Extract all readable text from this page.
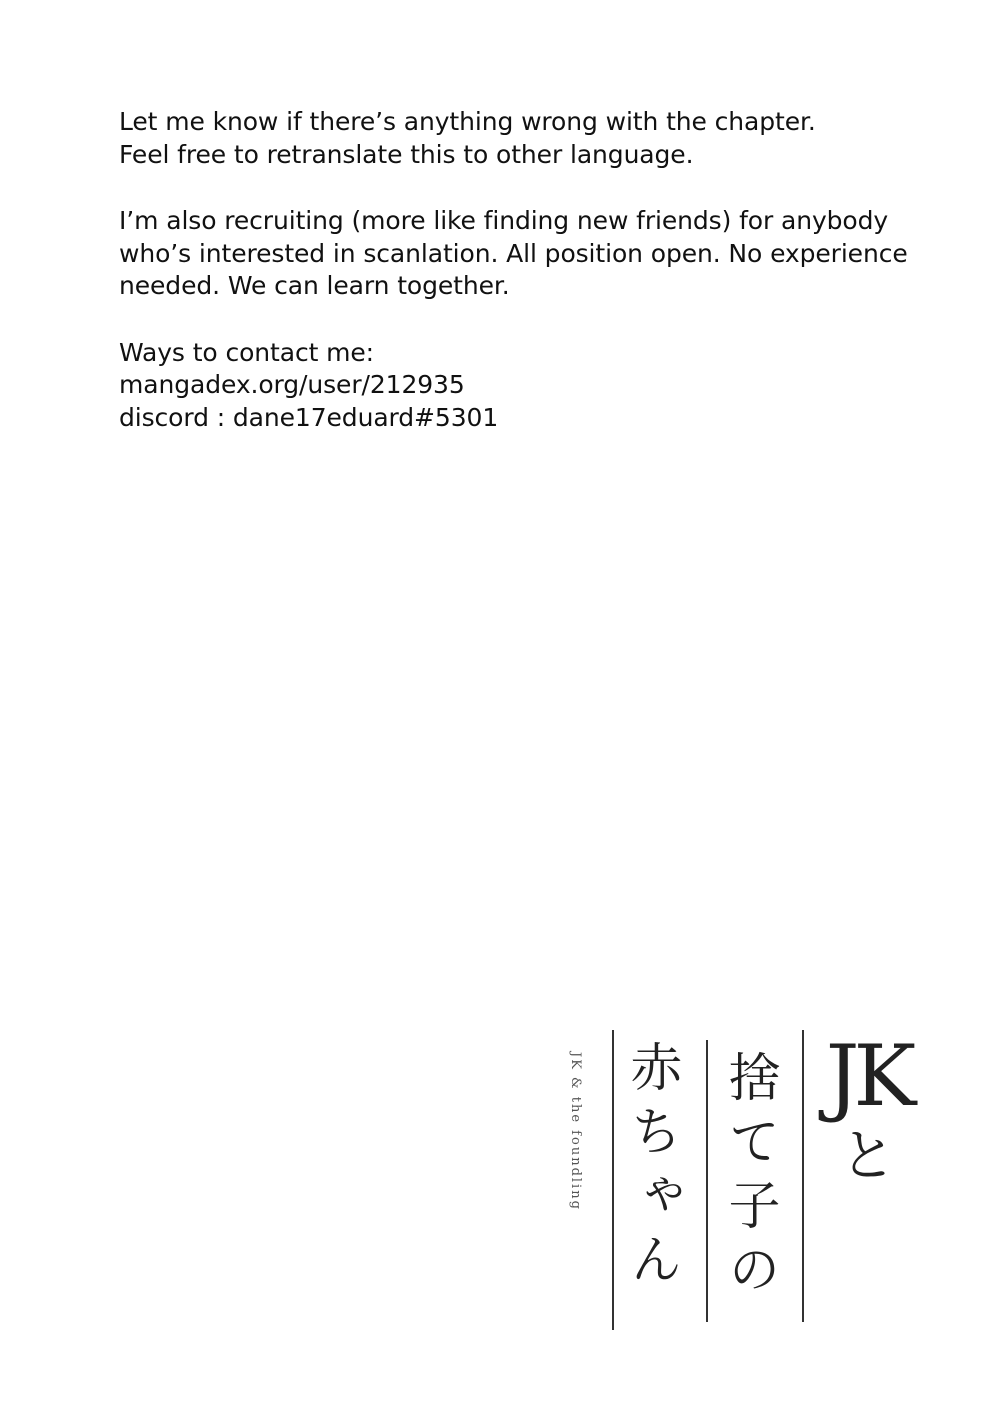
Let me know if there’s anything wrong with the chapter.
Feel free to retranslate this to other language.

I’m also recruiting (more like finding new friends) for anybody
who’s interested in scanlation. All position open. No experience
needed. We can learn together.

Ways to contact me:
mangadex.org/user/212935
discord : dane17eduard#5301

JK & the foundling 赤ちゃん 捨て子の JK
と
